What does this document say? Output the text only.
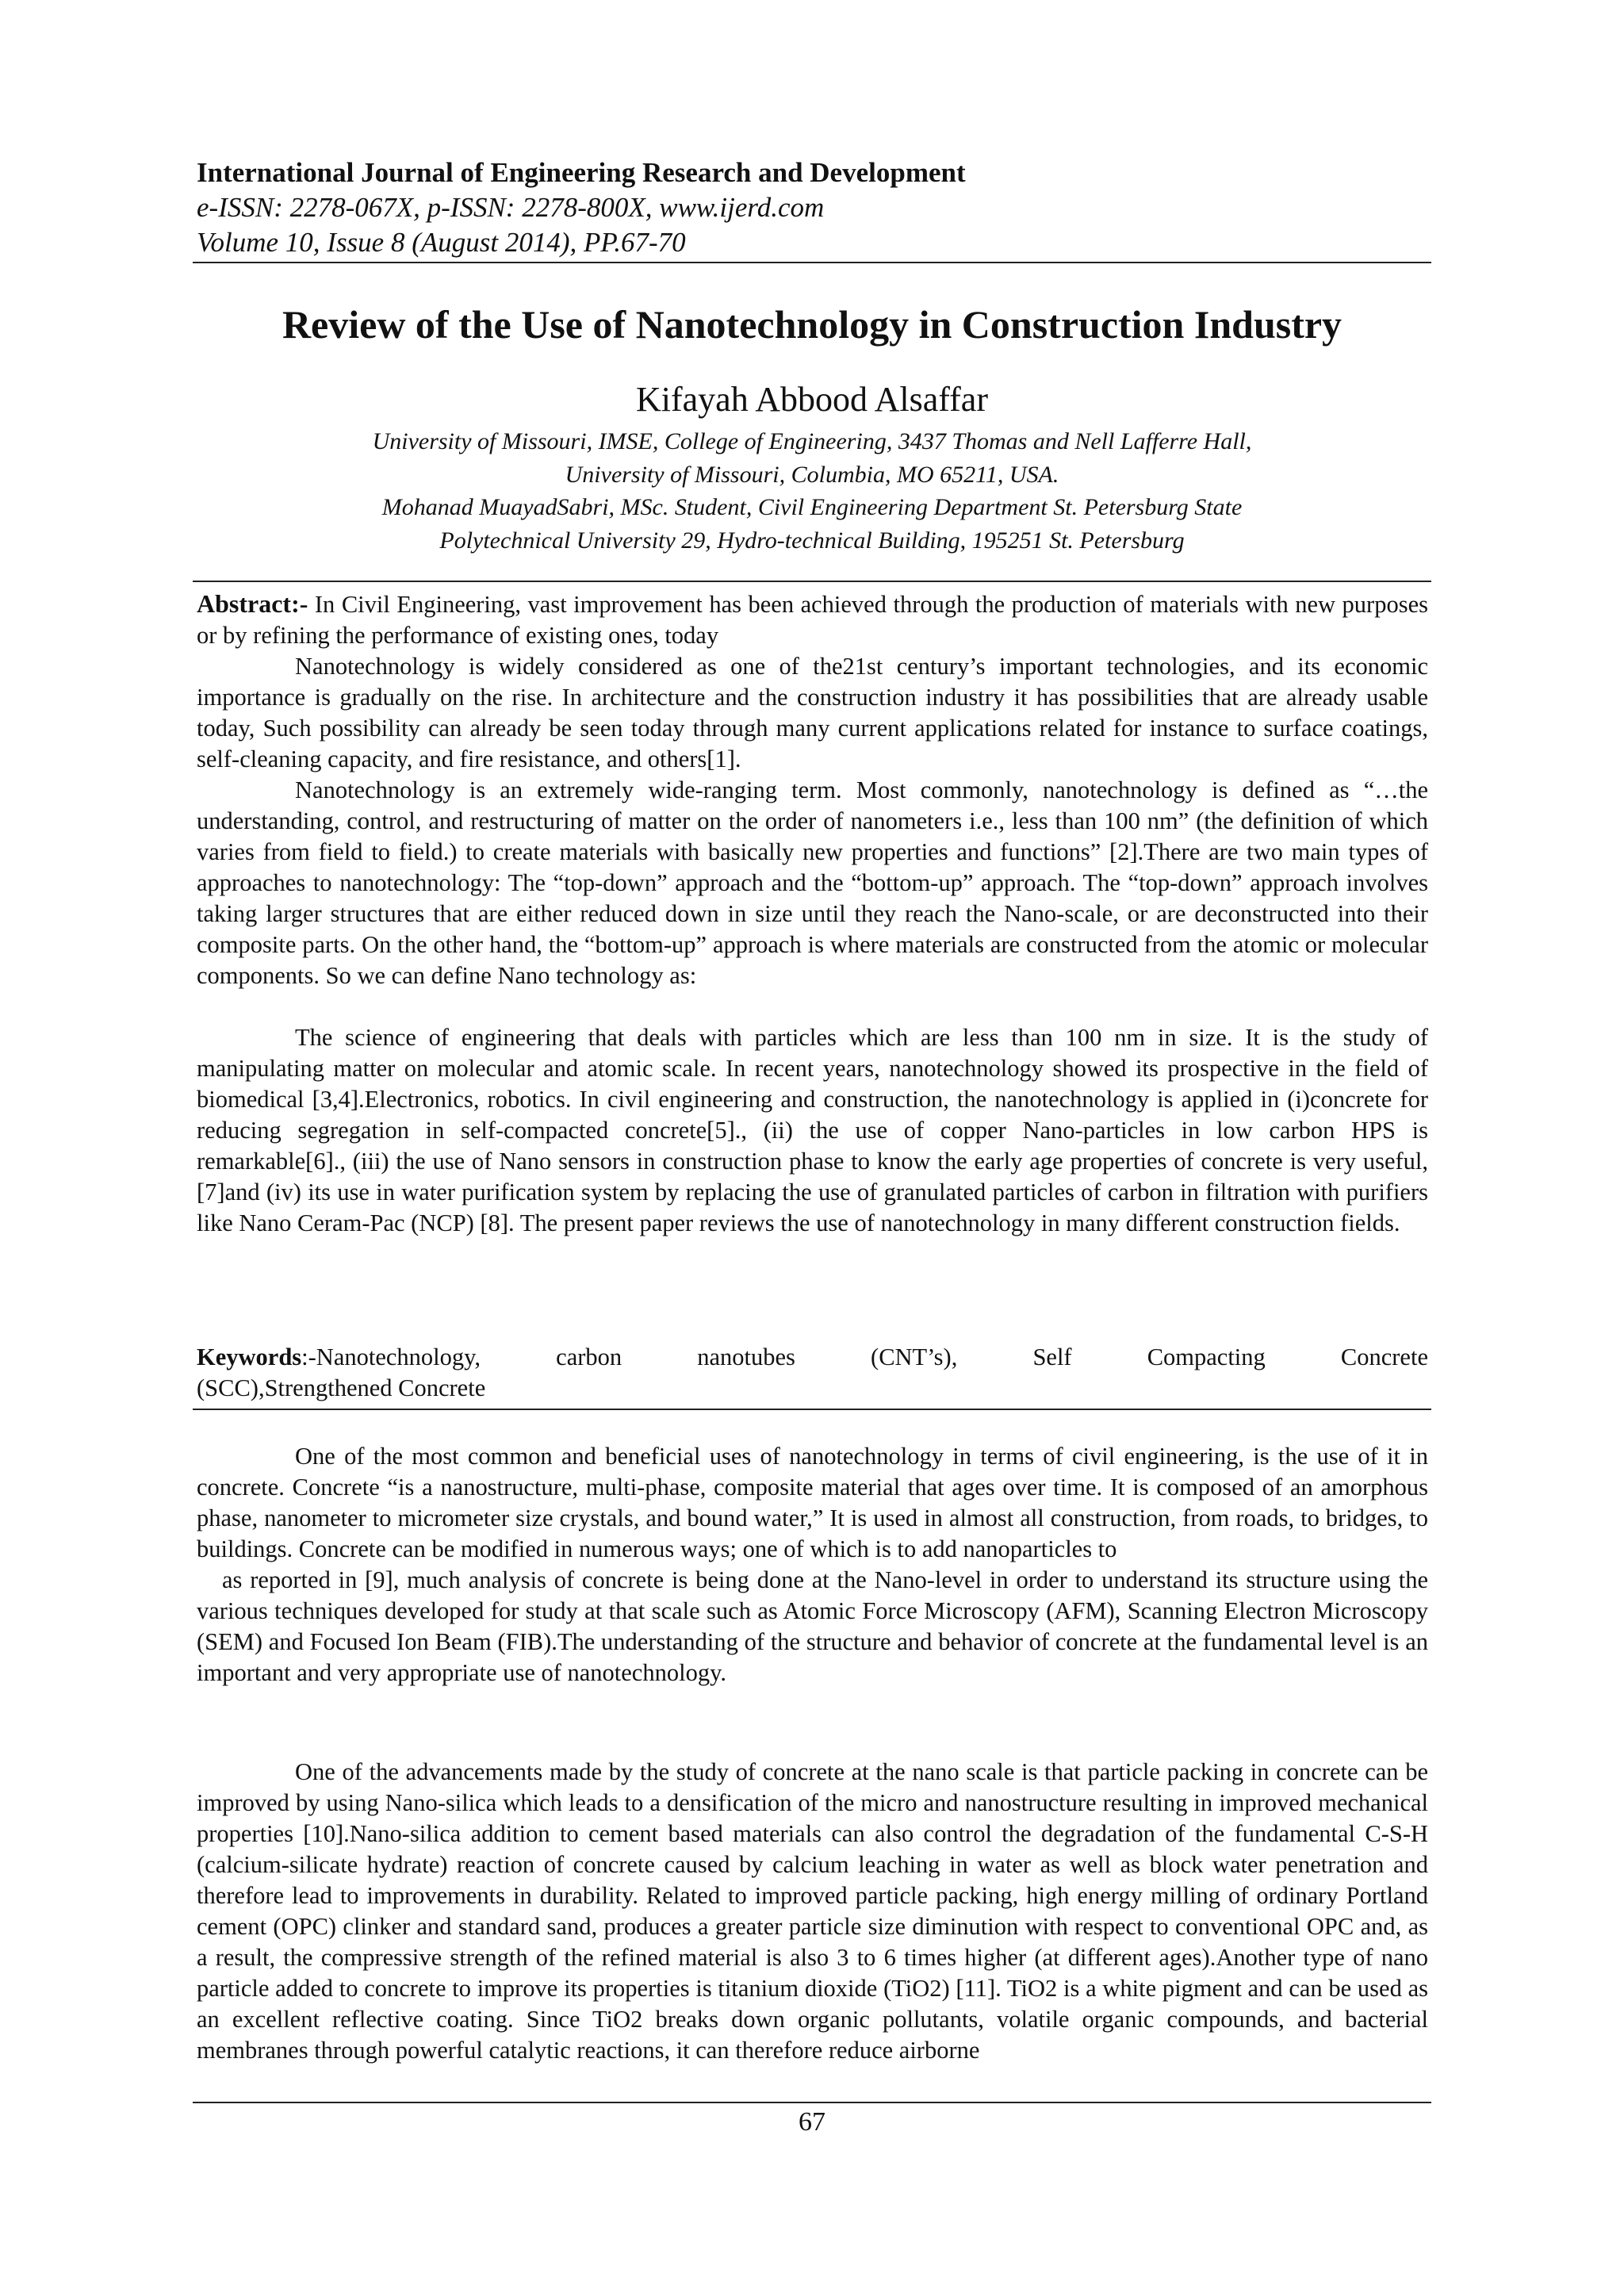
International Journal of Engineering Research and Development
e-ISSN: 2278-067X, p-ISSN: 2278-800X, www.ijerd.com
Volume 10, Issue 8 (August 2014), PP.67-70
Review of the Use of Nanotechnology in Construction Industry
Kifayah Abbood Alsaffar
University of Missouri, IMSE, College of Engineering, 3437 Thomas and Nell Lafferre Hall,
University of Missouri, Columbia, MO 65211, USA.
Mohanad MuayadSabri, MSc. Student, Civil Engineering Department St. Petersburg State
Polytechnical University 29, Hydro-technical Building, 195251 St. Petersburg

Abstract:- In Civil Engineering, vast improvement has been achieved through the production of materials with new purposes or by refining the performance of existing ones, today

Nanotechnology is widely considered as one of the21st century’s important technologies, and its economic importance is gradually on the rise. In architecture and the construction industry it has possibilities that are already usable today, Such possibility can already be seen today through many current applications related for instance to surface coatings, self-cleaning capacity, and fire resistance, and others[1].

Nanotechnology is an extremely wide-ranging term. Most commonly, nanotechnology is defined as “…the understanding, control, and restructuring of matter on the order of nanometers i.e., less than 100 nm” (the definition of which varies from field to field.) to create materials with basically new properties and functions” [2].There are two main types of approaches to nanotechnology: The “top-down” approach and the “bottom-up” approach. The “top-down” approach involves taking larger structures that are either reduced down in size until they reach the Nano-scale, or are deconstructed into their composite parts. On the other hand, the “bottom-up” approach is where materials are constructed from the atomic or molecular components. So we can define Nano technology as:

The science of engineering that deals with particles which are less than 100 nm in size. It is the study of manipulating matter on molecular and atomic scale. In recent years, nanotechnology showed its prospective in the field of biomedical [3,4].Electronics, robotics. In civil engineering and construction, the nanotechnology is applied in (i)concrete for reducing segregation in self-compacted concrete[5]., (ii) the use of copper Nano-particles in low carbon HPS is remarkable[6]., (iii) the use of Nano sensors in construction phase to know the early age properties of concrete is very useful, [7]and (iv) its use in water purification system by replacing the use of granulated particles of carbon in filtration with purifiers like Nano Ceram-Pac (NCP) [8]. The present paper reviews the use of nanotechnology in many different construction fields.

Keywords:-Nanotechnology,	carbon	nanotubes	(CNT’s),	Self	Compacting	Concrete
(SCC),Strengthened Concrete

One of the most common and beneficial uses of nanotechnology in terms of civil engineering, is the use of it in concrete. Concrete “is a nanostructure, multi-phase, composite material that ages over time. It is composed of an amorphous phase, nanometer to micrometer size crystals, and bound water,” It is used in almost all construction, from roads, to bridges, to buildings. Concrete can be modified in numerous ways; one of which is to add nanoparticles to

as reported in [9], much analysis of concrete is being done at the Nano-level in order to understand its structure using the various techniques developed for study at that scale such as Atomic Force Microscopy (AFM), Scanning Electron Microscopy (SEM) and Focused Ion Beam (FIB).The understanding of the structure and behavior of concrete at the fundamental level is an important and very appropriate use of nanotechnology.

One of the advancements made by the study of concrete at the nano scale is that particle packing in concrete can be improved by using Nano-silica which leads to a densification of the micro and nanostructure resulting in improved mechanical properties [10].Nano-silica addition to cement based materials can also control the degradation of the fundamental C-S-H (calcium-silicate hydrate) reaction of concrete caused by calcium leaching in water as well as block water penetration and therefore lead to improvements in durability. Related to improved particle packing, high energy milling of ordinary Portland cement (OPC) clinker and standard sand, produces a greater particle size diminution with respect to conventional OPC and, as a result, the compressive strength of the refined material is also 3 to 6 times higher (at different ages).Another type of nano particle added to concrete to improve its properties is titanium dioxide (TiO2) [11]. TiO2 is a white pigment and can be used as an excellent reflective coating. Since TiO2 breaks down organic pollutants, volatile organic compounds, and bacterial membranes through powerful catalytic reactions, it can therefore reduce airborne

67
